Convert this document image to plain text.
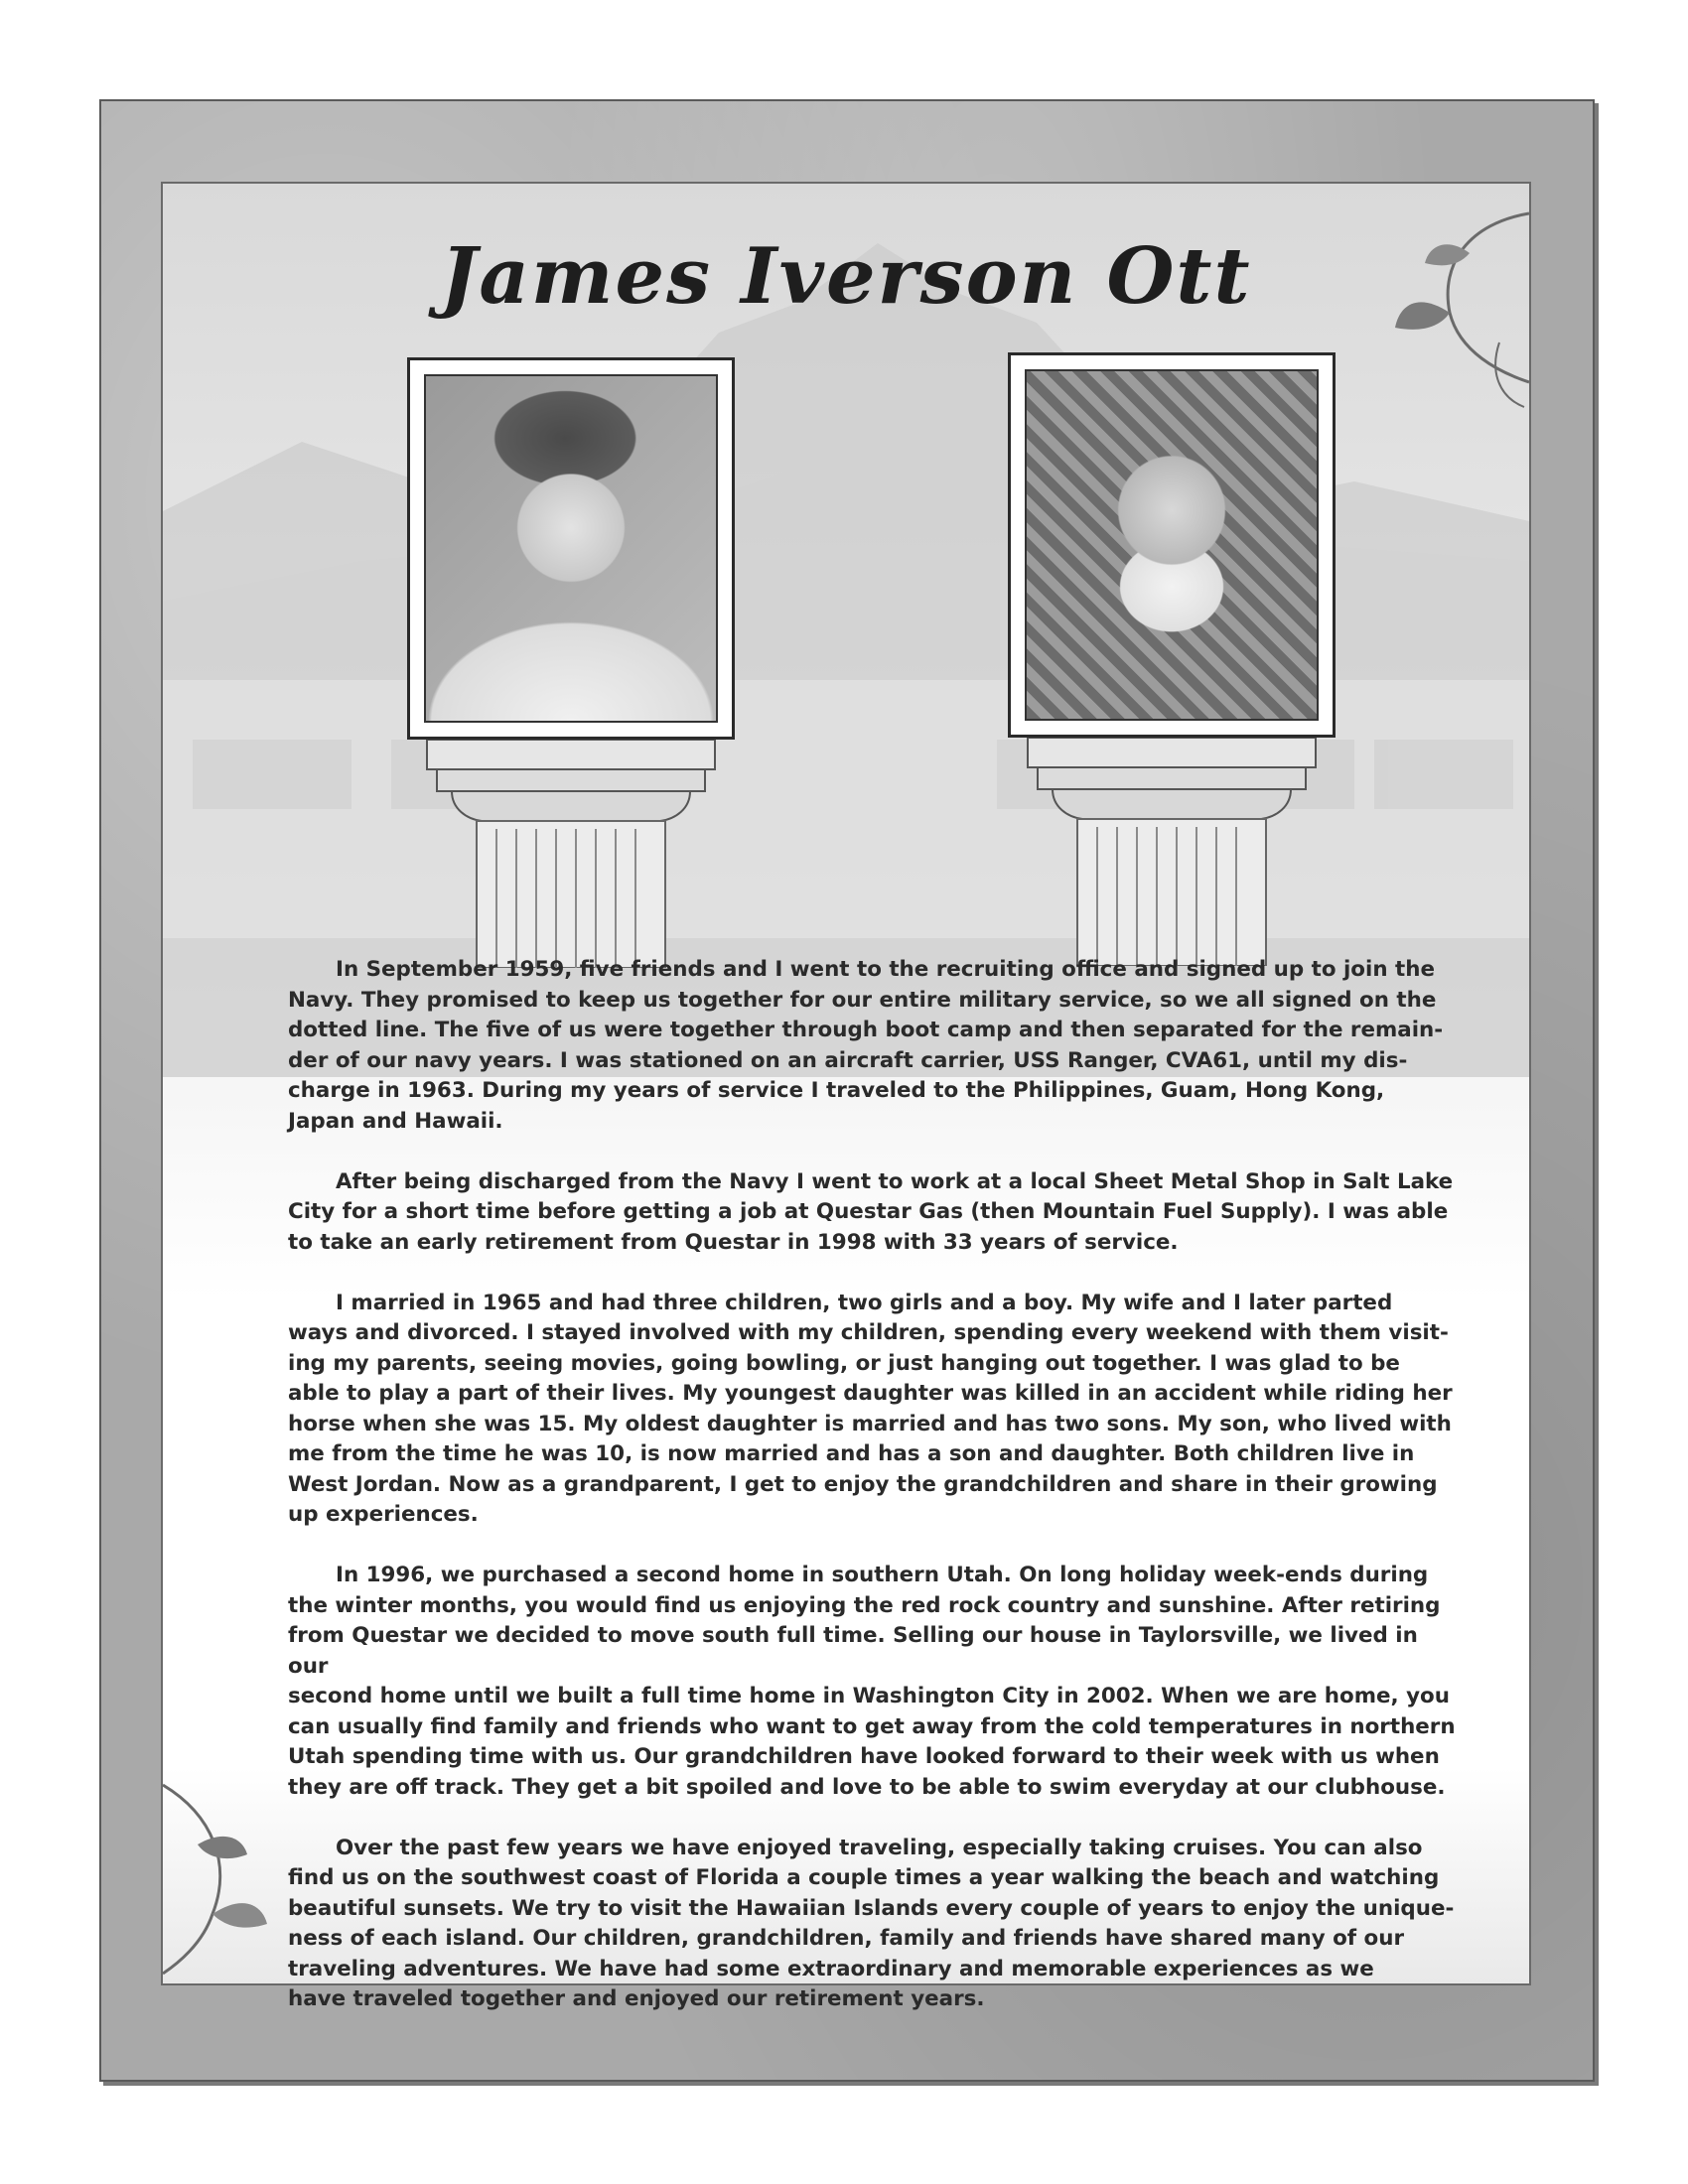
James Iverson Ott

In September 1959, five friends and I went to the recruiting office and signed up to join the
Navy. They promised to keep us together for our entire military service, so we all signed on the
dotted line. The five of us were together through boot camp and then separated for the remain-
der of our navy years. I was stationed on an aircraft carrier, USS Ranger, CVA61, until my dis-
charge in 1963. During my years of service I traveled to the Philippines, Guam, Hong Kong,
Japan and Hawaii.

After being discharged from the Navy I went to work at a local Sheet Metal Shop in Salt Lake
City for a short time before getting a job at Questar Gas (then Mountain Fuel Supply). I was able
to take an early retirement from Questar in 1998 with 33 years of service.

I married in 1965 and had three children, two girls and a boy. My wife and I later parted
ways and divorced. I stayed involved with my children, spending every weekend with them visit-
ing my parents, seeing movies, going bowling, or just hanging out together. I was glad to be
able to play a part of their lives. My youngest daughter was killed in an accident while riding her
horse when she was 15. My oldest daughter is married and has two sons. My son, who lived with
me from the time he was 10, is now married and has a son and daughter. Both children live in
West Jordan. Now as a grandparent, I get to enjoy the grandchildren and share in their growing
up experiences.

In 1996, we purchased a second home in southern Utah. On long holiday week-ends during
the winter months, you would find us enjoying the red rock country and sunshine. After retiring
from Questar we decided to move south full time. Selling our house in Taylorsville, we lived in our
second home until we built a full time home in Washington City in 2002. When we are home, you
can usually find family and friends who want to get away from the cold temperatures in northern
Utah spending time with us. Our grandchildren have looked forward to their week with us when
they are off track. They get a bit spoiled and love to be able to swim everyday at our clubhouse.

Over the past few years we have enjoyed traveling, especially taking cruises. You can also
find us on the southwest coast of Florida a couple times a year walking the beach and watching
beautiful sunsets. We try to visit the Hawaiian Islands every couple of years to enjoy the unique-
ness of each island. Our children, grandchildren, family and friends have shared many of our
traveling adventures. We have had some extraordinary and memorable experiences as we
have traveled together and enjoyed our retirement years.
